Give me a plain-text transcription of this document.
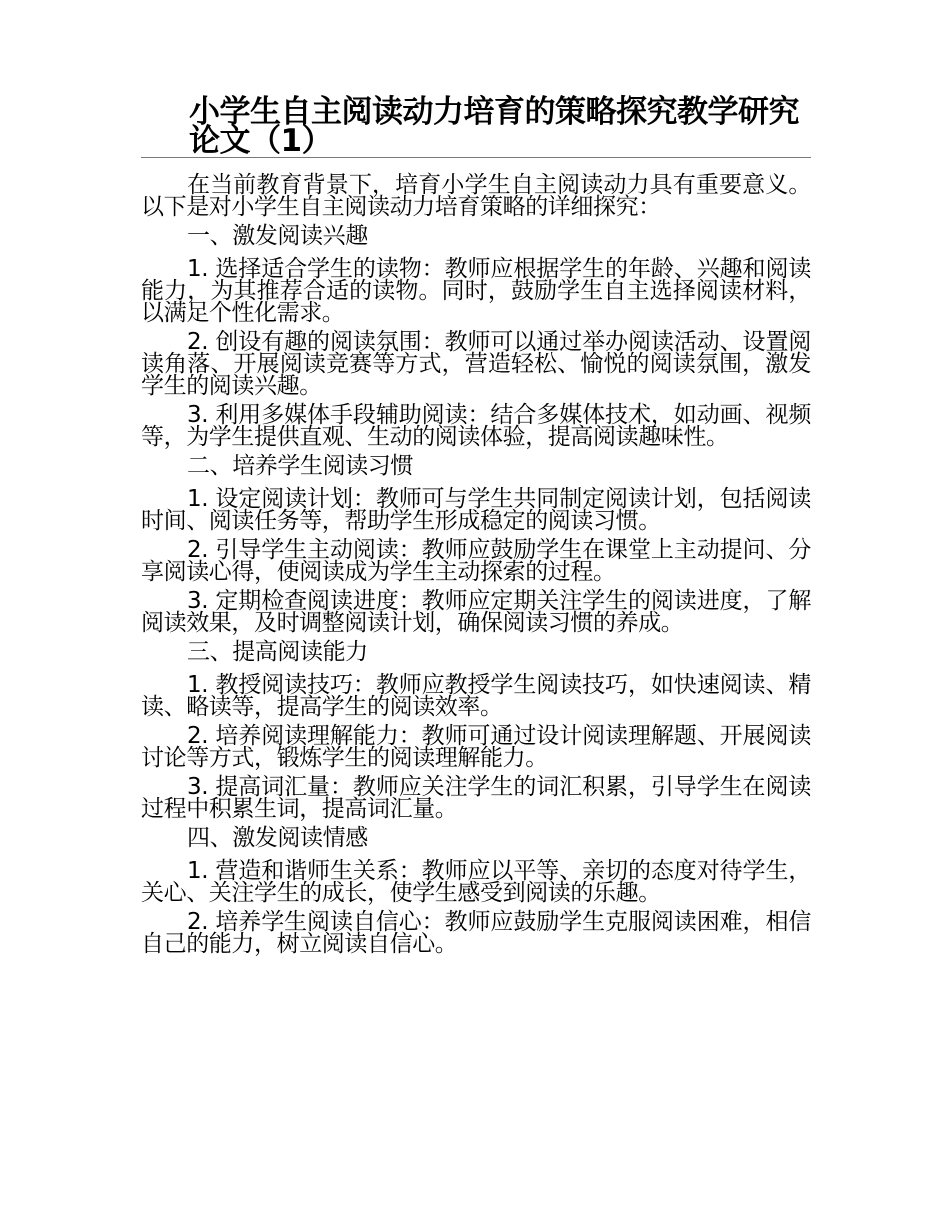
小学生自主阅读动力培育的策略探究教学研究论文（1）

在当前教育背景下，培育小学生自主阅读动力具有重要意义。以下是对小学生自主阅读动力培育策略的详细探究：

一、激发阅读兴趣

1. 选择适合学生的读物：教师应根据学生的年龄、兴趣和阅读能力，为其推荐合适的读物。同时，鼓励学生自主选择阅读材料，以满足个性化需求。

2. 创设有趣的阅读氛围：教师可以通过举办阅读活动、设置阅读角落、开展阅读竞赛等方式，营造轻松、愉悦的阅读氛围，激发学生的阅读兴趣。

3. 利用多媒体手段辅助阅读：结合多媒体技术，如动画、视频等，为学生提供直观、生动的阅读体验，提高阅读趣味性。

二、培养学生阅读习惯

1. 设定阅读计划：教师可与学生共同制定阅读计划，包括阅读时间、阅读任务等，帮助学生形成稳定的阅读习惯。

2. 引导学生主动阅读：教师应鼓励学生在课堂上主动提问、分享阅读心得，使阅读成为学生主动探索的过程。

3. 定期检查阅读进度：教师应定期关注学生的阅读进度，了解阅读效果，及时调整阅读计划，确保阅读习惯的养成。

三、提高阅读能力

1. 教授阅读技巧：教师应教授学生阅读技巧，如快速阅读、精读、略读等，提高学生的阅读效率。

2. 培养阅读理解能力：教师可通过设计阅读理解题、开展阅读讨论等方式，锻炼学生的阅读理解能力。

3. 提高词汇量：教师应关注学生的词汇积累，引导学生在阅读过程中积累生词，提高词汇量。

四、激发阅读情感

1. 营造和谐师生关系：教师应以平等、亲切的态度对待学生，关心、关注学生的成长，使学生感受到阅读的乐趣。

2. 培养学生阅读自信心：教师应鼓励学生克服阅读困难，相信自己的能力，树立阅读自信心。
